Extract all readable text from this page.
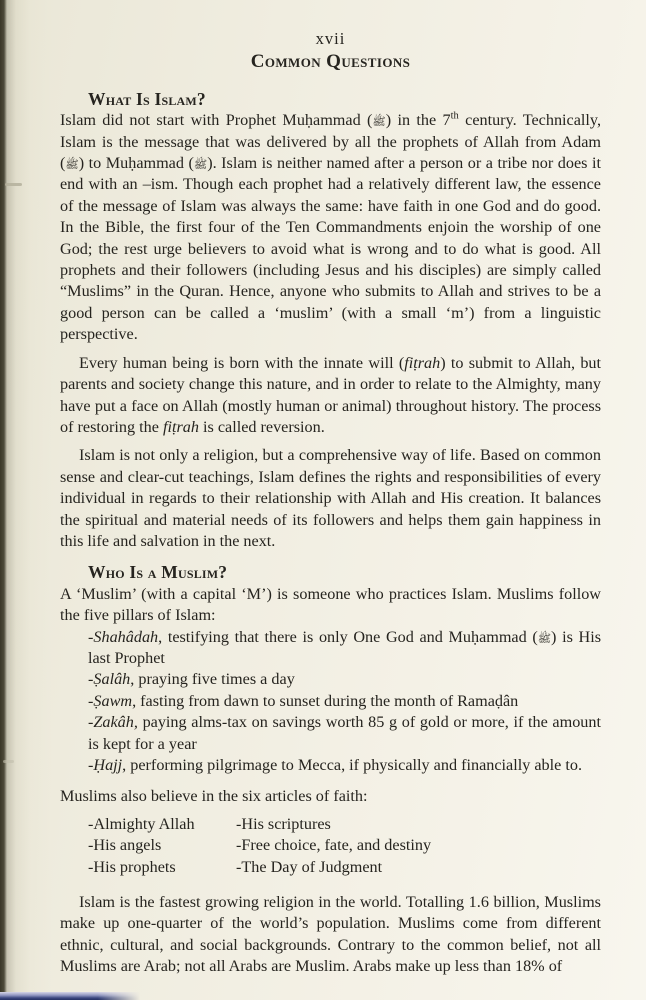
xvii
Common Questions
What Is Islam?

Islam did not start with Prophet Muḥammad (ﷺ) in the 7th century. Technically, Islam is the message that was delivered by all the prophets of Allah from Adam (ﷺ) to Muḥammad (ﷺ). Islam is neither named after a person or a tribe nor does it end with an –ism. Though each prophet had a relatively different law, the essence of the message of Islam was always the same: have faith in one God and do good. In the Bible, the first four of the Ten Commandments enjoin the worship of one God; the rest urge believers to avoid what is wrong and to do what is good. All prophets and their followers (including Jesus and his disciples) are simply called “Muslims” in the Quran. Hence, anyone who submits to Allah and strives to be a good person can be called a ‘muslim’ (with a small ‘m’) from a linguistic perspective.

Every human being is born with the innate will (fiṭrah) to submit to Allah, but parents and society change this nature, and in order to relate to the Almighty, many have put a face on Allah (mostly human or animal) throughout history. The process of restoring the fiṭrah is called reversion.

Islam is not only a religion, but a comprehensive way of life. Based on common sense and clear-cut teachings, Islam defines the rights and responsibilities of every individual in regards to their relationship with Allah and His creation. It balances the spiritual and material needs of its followers and helps them gain happiness in this life and salvation in the next.

Who Is a Muslim?

A ‘Muslim’ (with a capital ‘M’) is someone who practices Islam. Muslims follow the five pillars of Islam:

-Shahâdah, testifying that there is only One God and Muḥammad (ﷺ) is His last Prophet

-Ṣalâh, praying five times a day

-Ṣawm, fasting from dawn to sunset during the month of Ramaḍân

-Zakâh, paying alms-tax on savings worth 85 g of gold or more, if the amount is kept for a year

-Ḥajj, performing pilgrimage to Mecca, if physically and financially able to.

Muslims also believe in the six articles of faith:

-Almighty Allah	-His scriptures
-His angels	-Free choice, fate, and destiny
-His prophets	-The Day of Judgment

Islam is the fastest growing religion in the world. Totalling 1.6 billion, Muslims make up one-quarter of the world’s population. Muslims come from different ethnic, cultural, and social backgrounds. Contrary to the common belief, not all Muslims are Arab; not all Arabs are Muslim. Arabs make up less than 18% of
